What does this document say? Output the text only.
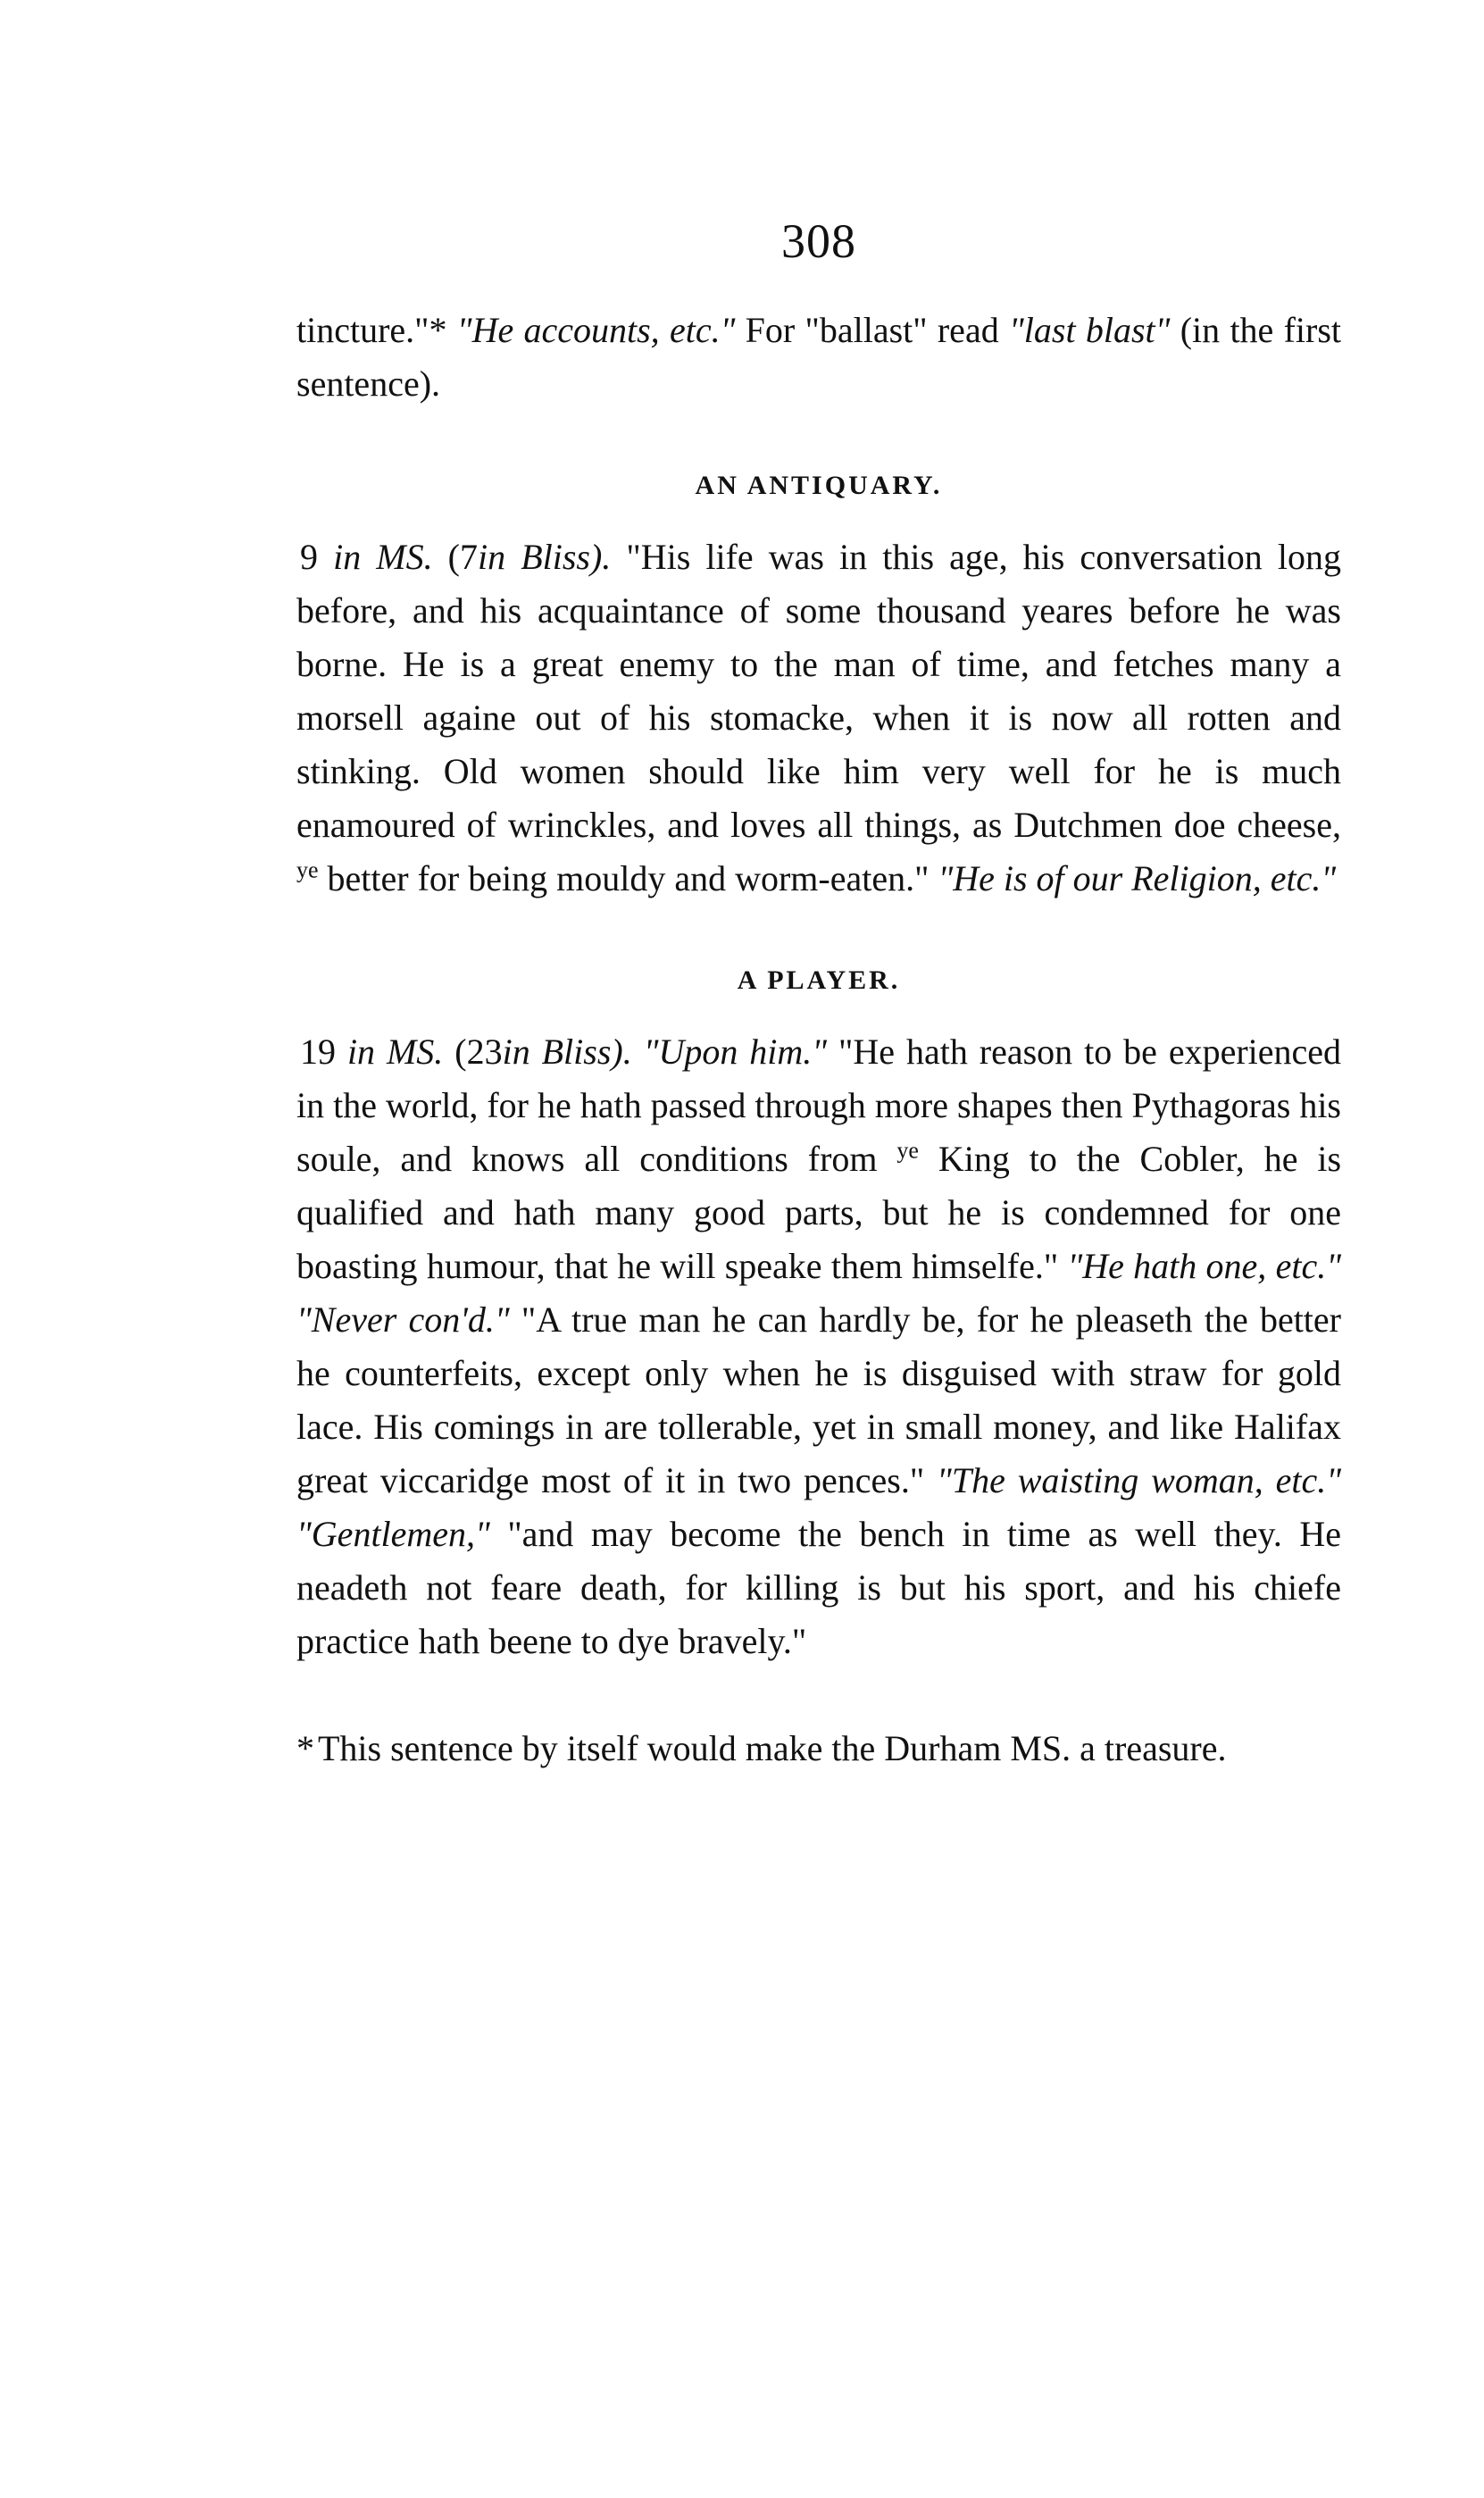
308

tincture."* "He accounts, etc." For "ballast" read "last blast" (in the first sentence).

AN ANTIQUARY.

9 in MS. (7in Bliss). "His life was in this age, his conversation long before, and his acquaintance of some thousand yeares before he was borne. He is a great enemy to the man of time, and fetches many a morsell againe out of his stomacke, when it is now all rotten and stinking. Old women should like him very well for he is much enamoured of wrinckles, and loves all things, as Dutchmen doe cheese, $^{ye}$ better for being mouldy and worm-eaten." "He is of our Religion, etc."

A PLAYER.

19 in MS. (23in Bliss). "Upon him." "He hath reason to be experienced in the world, for he hath passed through more shapes then Pythagoras his soule, and knows all conditions from $^{ye}$ King to the Cobler, he is qualified and hath many good parts, but he is condemned for one boasting humour, that he will speake them himselfe." "He hath one, etc." "Never con'd." "A true man he can hardly be, for he pleaseth the better he counterfeits, except only when he is disguised with straw for gold lace. His comings in are tollerable, yet in small money, and like Halifax great viccaridge most of it in two pences." "The waisting woman, etc." "Gentlemen," "and may become the bench in time as well they. He neadeth not feare death, for killing is but his sport, and his chiefe practice hath beene to dye bravely."

* This sentence by itself would make the Durham MS. a treasure.
